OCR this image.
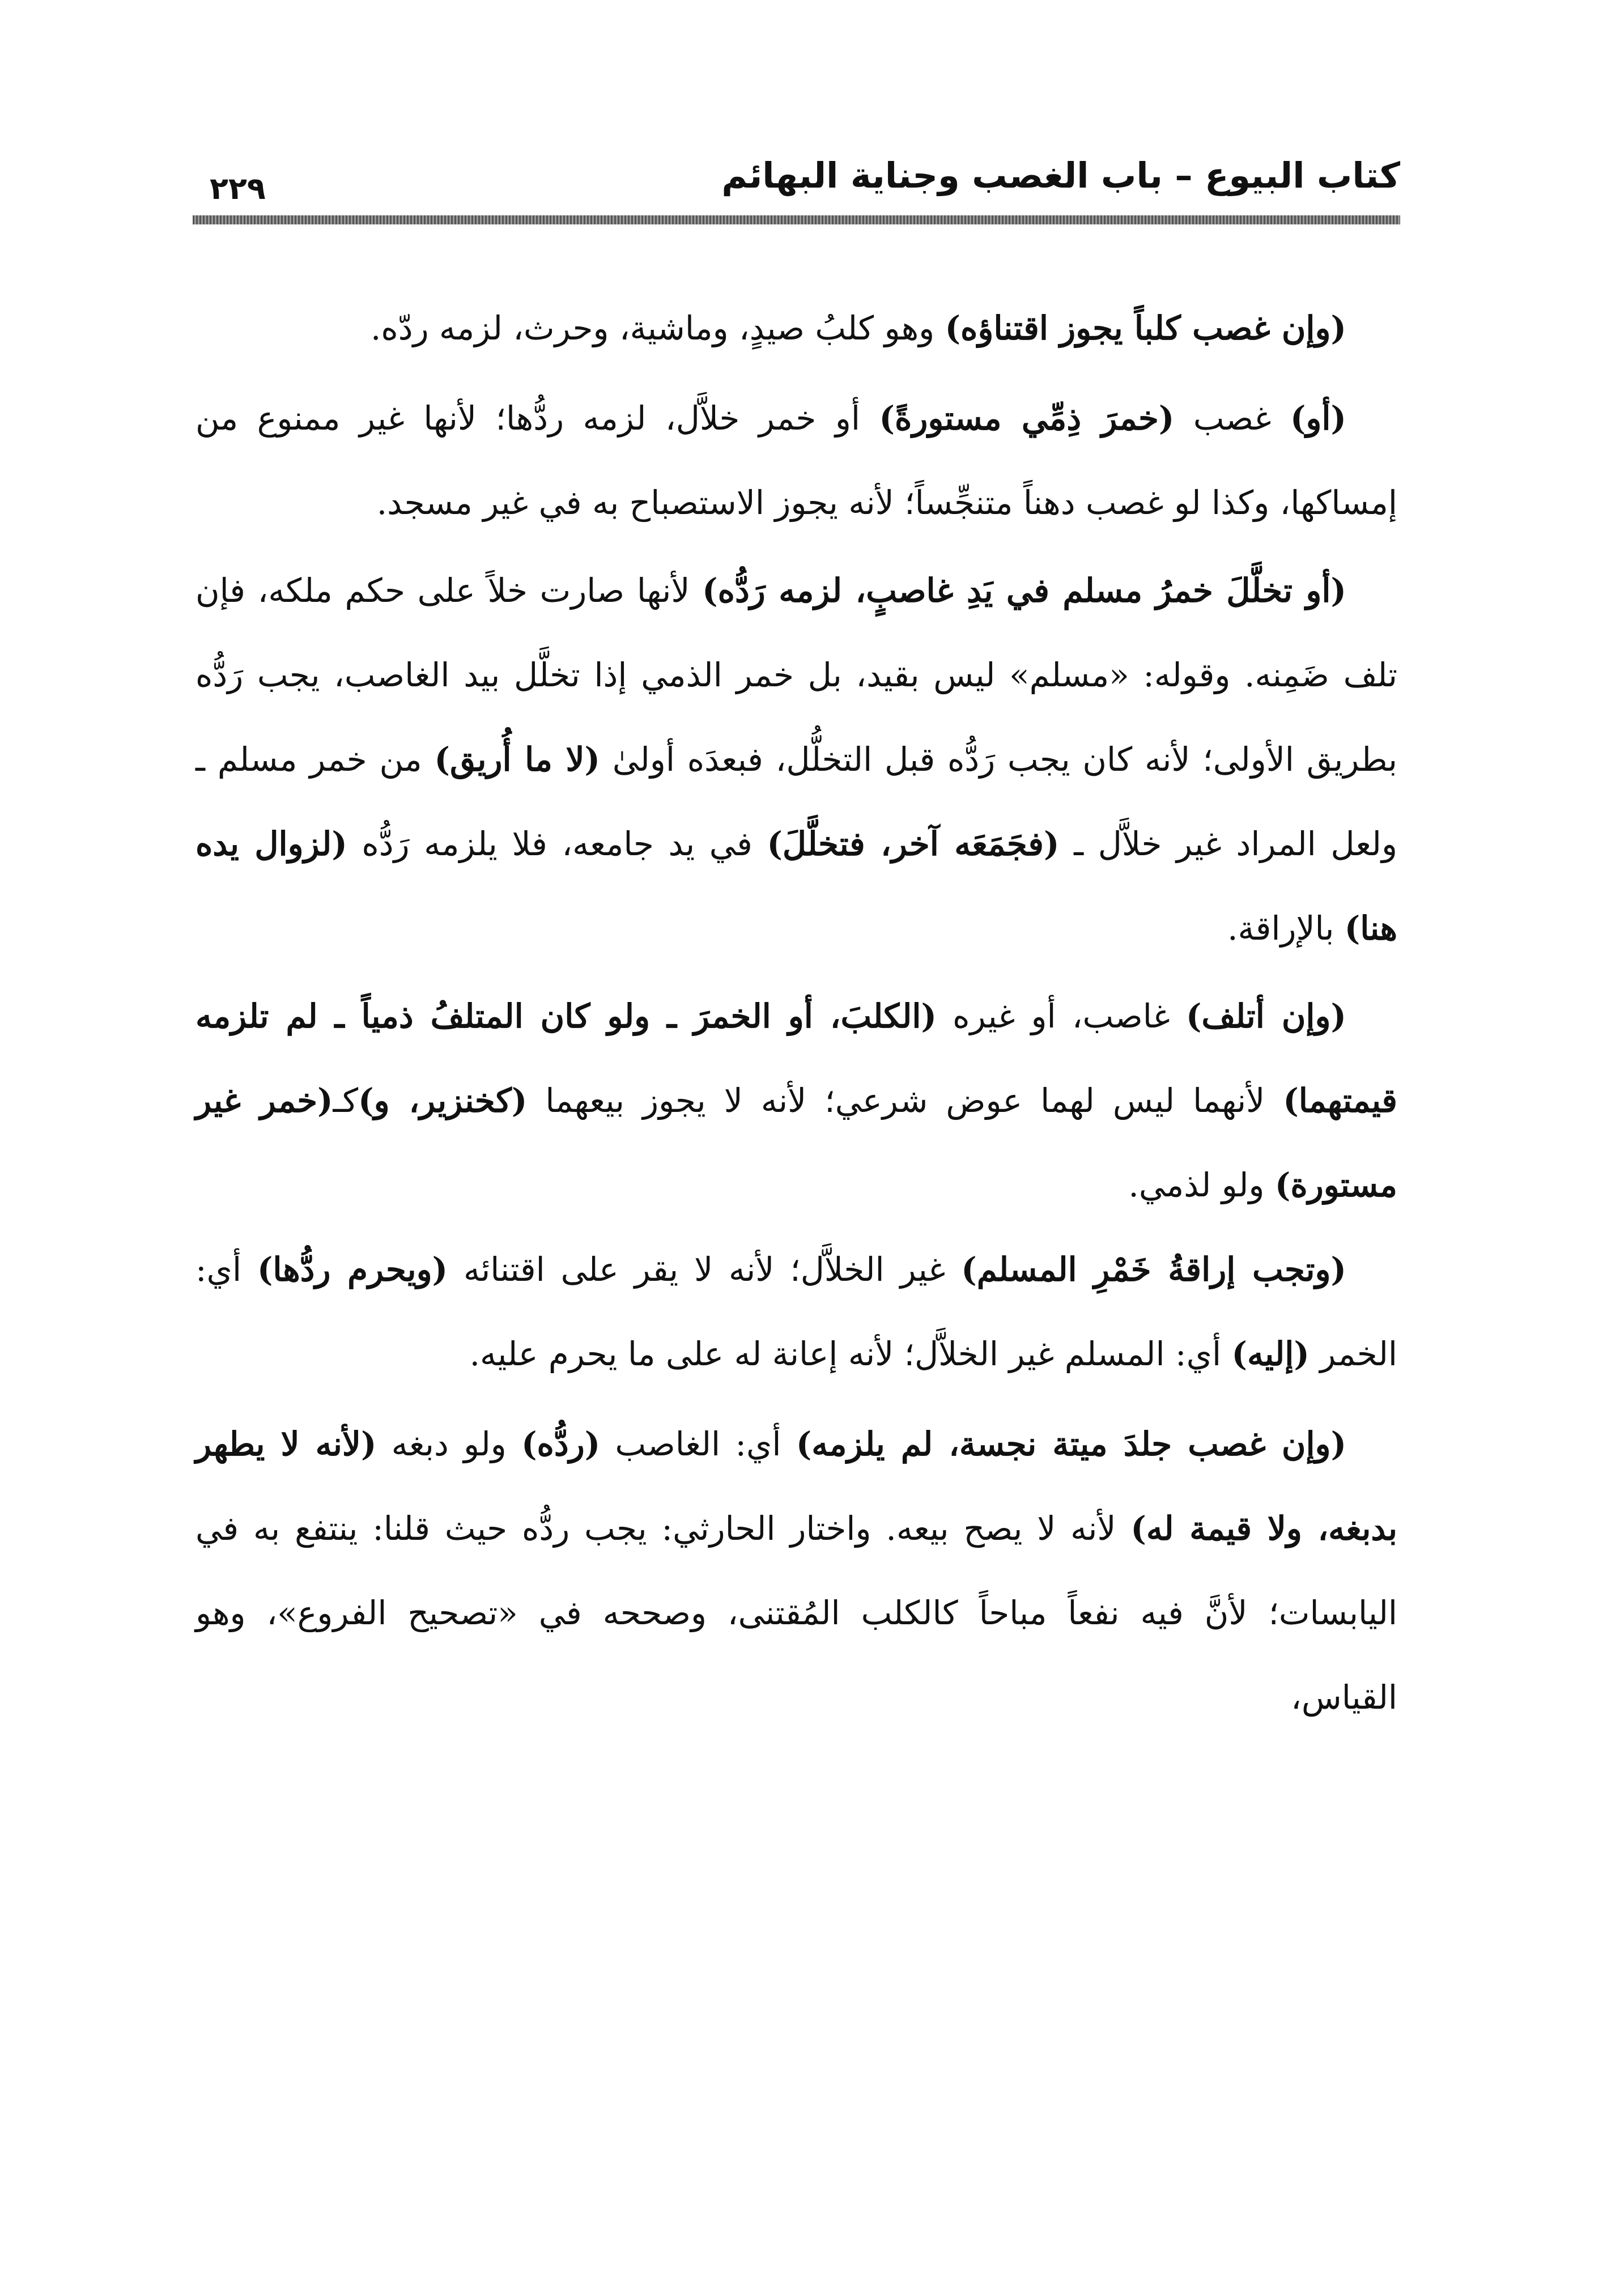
كتاب البيوع – باب الغصب وجناية البهائم
٢٢٩

(وإن غصب كلباً يجوز اقتناؤه) وهو كلبُ صيدٍ، وماشية، وحرث، لزمه ردّه.

(أو) غصب (خمرَ ذِمِّي مستورةً) أو خمر خلاَّل، لزمه ردُّها؛ لأنها غير ممنوع من إمساكها، وكذا لو غصب دهناً متنجِّساً؛ لأنه يجوز الاستصباح به في غير مسجد.

(أو تخلَّلَ خمرُ مسلم في يَدِ غاصبٍ، لزمه رَدُّه) لأنها صارت خلاً على حكم ملكه، فإن تلف ضَمِنه. وقوله: «مسلم» ليس بقيد، بل خمر الذمي إذا تخلَّل بيد الغاصب، يجب رَدُّه بطريق الأولى؛ لأنه كان يجب رَدُّه قبل التخلُّل، فبعدَه أولىٰ (لا ما أُريق) من خمر مسلم ـ ولعل المراد غير خلاَّل ـ (فجَمَعَه آخر، فتخلَّلَ) في يد جامعه، فلا يلزمه رَدُّه (لزوال يده هنا) بالإراقة.

(وإن أتلف) غاصب، أو غيره (الكلبَ، أو الخمرَ ـ ولو كان المتلفُ ذمياً ـ لم تلزمه قيمتهما) لأنهما ليس لهما عوض شرعي؛ لأنه لا يجوز بيعهما (كخنزير، و)كـ(خمر غير مستورة) ولو لذمي.

(وتجب إراقةُ خَمْرِ المسلم) غير الخلاَّل؛ لأنه لا يقر على اقتنائه (ويحرم ردُّها) أي: الخمر (إليه) أي: المسلم غير الخلاَّل؛ لأنه إعانة له على ما يحرم عليه.

(وإن غصب جلدَ ميتة نجسة، لم يلزمه) أي: الغاصب (ردُّه) ولو دبغه (لأنه لا يطهر بدبغه، ولا قيمة له) لأنه لا يصح بيعه. واختار الحارثي: يجب ردُّه حيث قلنا: ينتفع به في اليابسات؛ لأنَّ فيه نفعاً مباحاً كالكلب المُقتنى، وصححه في «تصحيح الفروع»، وهو القياس،
